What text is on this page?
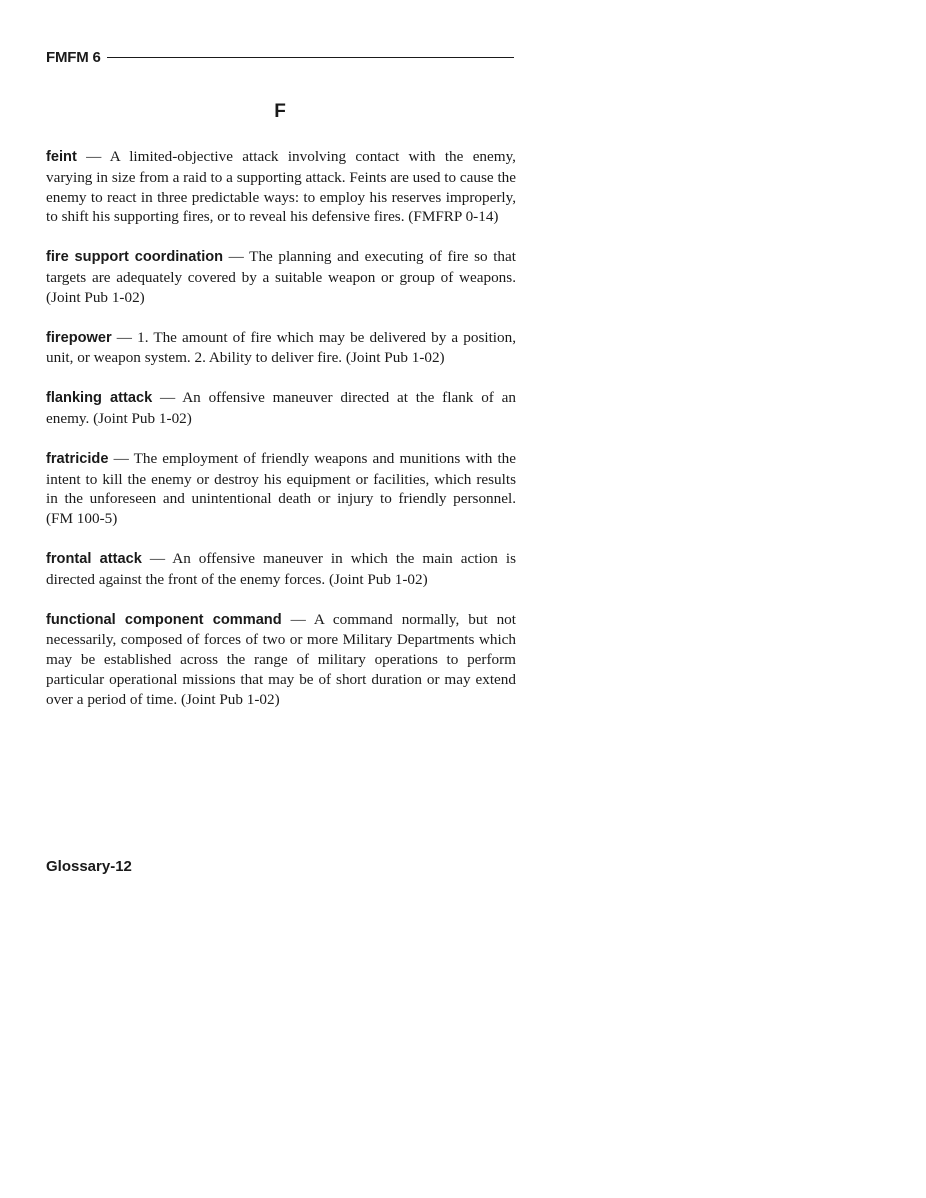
FMFM 6
F

feint — A limited-objective attack involving contact with the enemy, varying in size from a raid to a supporting attack. Feints are used to cause the enemy to react in three predictable ways: to employ his reserves improperly, to shift his supporting fires, or to reveal his defensive fires. (FMFRP 0-14)

fire support coordination — The planning and executing of fire so that targets are adequately covered by a suitable weapon or group of weapons. (Joint Pub 1-02)

firepower — 1. The amount of fire which may be delivered by a position, unit, or weapon system. 2. Ability to deliver fire. (Joint Pub 1-02)

flanking attack — An offensive maneuver directed at the flank of an enemy. (Joint Pub 1-02)

fratricide — The employment of friendly weapons and munitions with the intent to kill the enemy or destroy his equipment or facilities, which results in the unforeseen and unintentional death or injury to friendly personnel. (FM 100-5)

frontal attack — An offensive maneuver in which the main action is directed against the front of the enemy forces. (Joint Pub 1-02)

functional component command — A command normally, but not necessarily, composed of forces of two or more Military Departments which may be established across the range of military operations to perform particular operational missions that may be of short duration or may extend over a period of time. (Joint Pub 1-02)

Glossary-12
